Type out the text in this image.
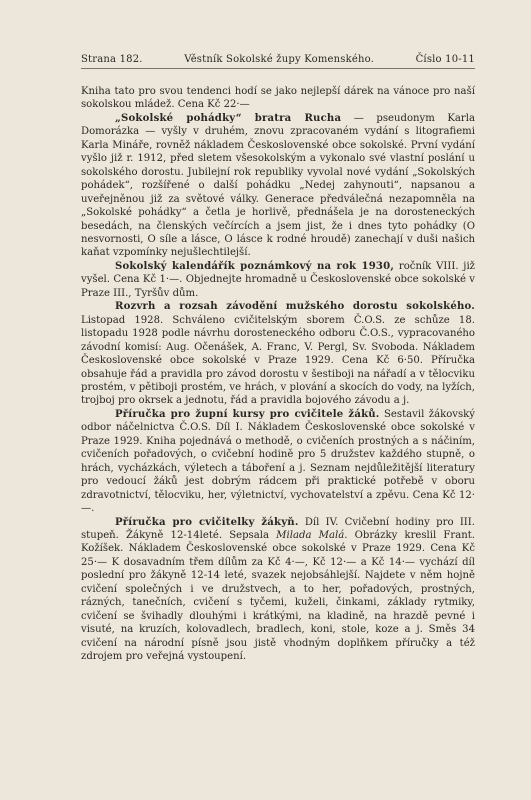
Strana 182.	Věstník Sokolské župy Komenského.	Číslo 10-11

Kniha tato pro svou tendenci hodí se jako nejlepší dárek na vánoce pro naší sokolskou mládež. Cena Kč 22·—

„Sokolské pohádky“ bratra Rucha — pseudonym Karla Domorázka — vyšly v druhém, znovu zpracovaném vydání s litografiemi Karla Mináře, rovněž nákladem Československé obce sokolské. První vydání vyšlo již r. 1912, před sletem všesokolským a vykonalo své vlastní poslání u sokolského dorostu. Jubilejní rok republiky vyvolal nové vydání „Sokolských pohádek“, rozšířené o další pohádku „Nedej zahynouti“, napsanou a uveřejněnou již za světové války. Generace předválečná nezapomněla na „Sokolské pohádky“ a četla je horlivě, přednášela je na dorosteneckých besedách, na členských večírcích a jsem jist, že i dnes tyto pohádky (O nesvornosti, O síle a lásce, O lásce k rodné hroudě) zanechají v duši našich kaňat vzpomínky nejušlechtilejší.

Sokolský kalendářík poznámkový na rok 1930, ročník VIII. již vyšel. Cena Kč 1·—. Objednejte hromadně u Československé obce sokolské v Praze III., Tyršův dům.

Rozvrh a rozsah závodění mužského dorostu sokolského. Listopad 1928. Schváleno cvičitelským sborem Č.O.S. ze schůze 18. listopadu 1928 podle návrhu dorosteneckého odboru Č.O.S., vypracovaného závodní komisí: Aug. Očenášek, A. Franc, V. Pergl, Sv. Svoboda. Nákladem Československé obce sokolské v Praze 1929. Cena Kč 6·50. Příručka obsahuje řád a pravidla pro závod dorostu v šestiboji na nářadí a v tělocviku prostém, v pětiboji prostém, ve hrách, v plování a skocích do vody, na lyžích, trojboj pro okrsek a jednotu, řád a pravidla bojového závodu a j.

Příručka pro župní kursy pro cvičitele žáků. Sestavil žákovský odbor náčelnictva Č.O.S. Díl I. Nákladem Československé obce sokolské v Praze 1929. Kniha pojednává o methodě, o cvičeních prostných a s náčiním, cvičeních pořadových, o cvičební hodině pro 5 družstev každého stupně, o hrách, vycházkách, výletech a táboření a j. Seznam nejdůležitější literatury pro vedoucí žáků jest dobrým rádcem při praktické potřebě v oboru zdravotnictví, tělocviku, her, výletnictví, vychovatelství a zpěvu. Cena Kč 12·—.

Příručka pro cvičitelky žákyň. Díl IV. Cvičební hodiny pro III. stupeň. Žákyně 12-14leté. Sepsala Milada Malá. Obrázky kreslil Frant. Kožíšek. Nákladem Československé obce sokolské v Praze 1929. Cena Kč 25·— K dosavadním třem dílům za Kč 4·—, Kč 12·— a Kč 14·— vychází díl poslední pro žákyně 12-14 leté, svazek nejobsáhlejší. Najdete v něm hojně cvičení společných i ve družstvech, a to her, pořadových, prostných, rázných, tanečních, cvičení s tyčemi, kuželi, činkami, základy rytmiky, cvičení se švihadly dlouhými i krátkými, na kladině, na hrazdě pevné i visuté, na kruzích, kolovadlech, bradlech, koni, stole, koze a j. Směs 34 cvičení na národní písně jsou jistě vhodným doplňkem příručky a též zdrojem pro veřejná vystoupení.
